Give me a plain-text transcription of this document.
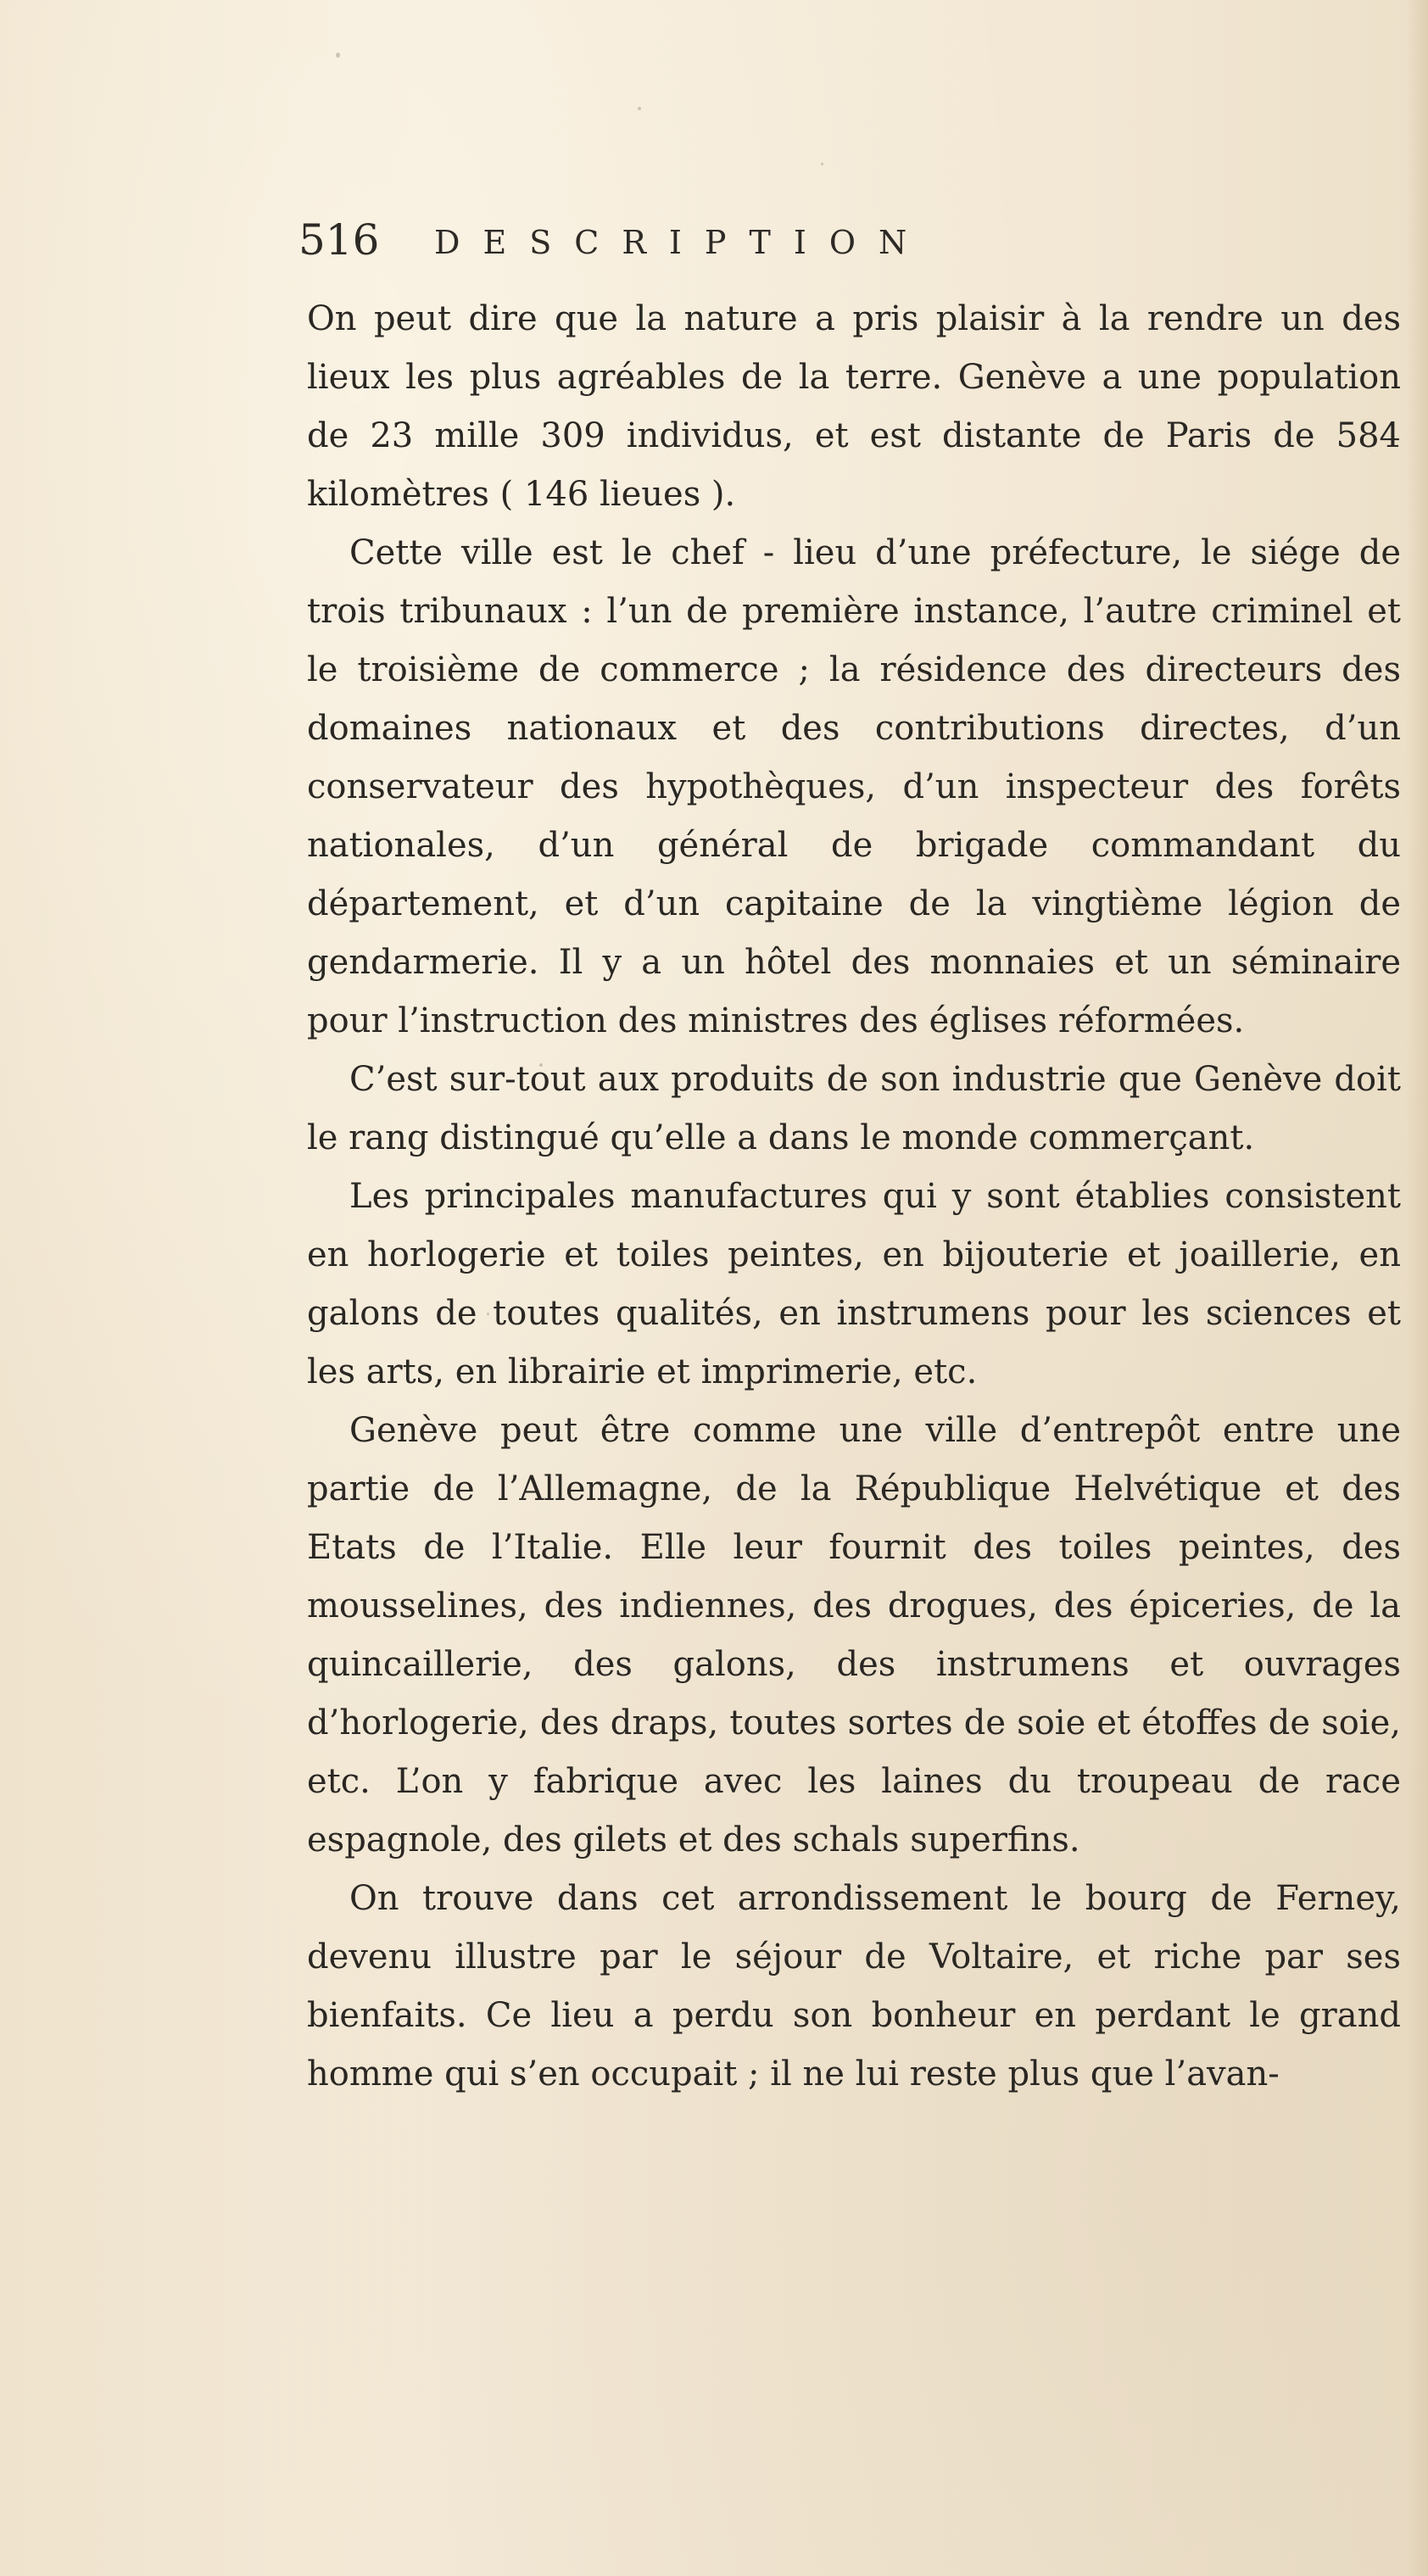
516 DESCRIPTION

On peut dire que la nature a pris plaisir à la rendre un des lieux les plus agréables de la terre. Genève a une population de 23 mille 309 individus, et est distante de Paris de 584 kilomètres ( 146 lieues ).

Cette ville est le chef - lieu d’une préfecture, le siége de trois tribunaux : l’un de première instance, l’autre criminel et le troisième de commerce ; la résidence des directeurs des domaines nationaux et des contributions directes, d’un conservateur des hypothèques, d’un inspecteur des forêts nationales, d’un général de brigade commandant du département, et d’un capitaine de la vingtième légion de gendarmerie. Il y a un hôtel des monnaies et un séminaire pour l’instruction des ministres des églises réformées.

C’est sur-tout aux produits de son industrie que Genève doit le rang distingué qu’elle a dans le monde commerçant.

Les principales manufactures qui y sont établies consistent en horlogerie et toiles peintes, en bijouterie et joaillerie, en galons de toutes qualités, en instrumens pour les sciences et les arts, en librairie et imprimerie, etc.

Genève peut être comme une ville d’entrepôt entre une partie de l’Allemagne, de la République Helvétique et des Etats de l’Italie. Elle leur fournit des toiles peintes, des mousselines, des indiennes, des drogues, des épiceries, de la quincaillerie, des galons, des instrumens et ouvrages d’horlogerie, des draps, toutes sortes de soie et étoffes de soie, etc. L’on y fabrique avec les laines du troupeau de race espagnole, des gilets et des schals superfins.

On trouve dans cet arrondissement le bourg de Ferney, devenu illustre par le séjour de Voltaire, et riche par ses bienfaits. Ce lieu a perdu son bonheur en perdant le grand homme qui s’en occupait ; il ne lui reste plus que l’avan-
